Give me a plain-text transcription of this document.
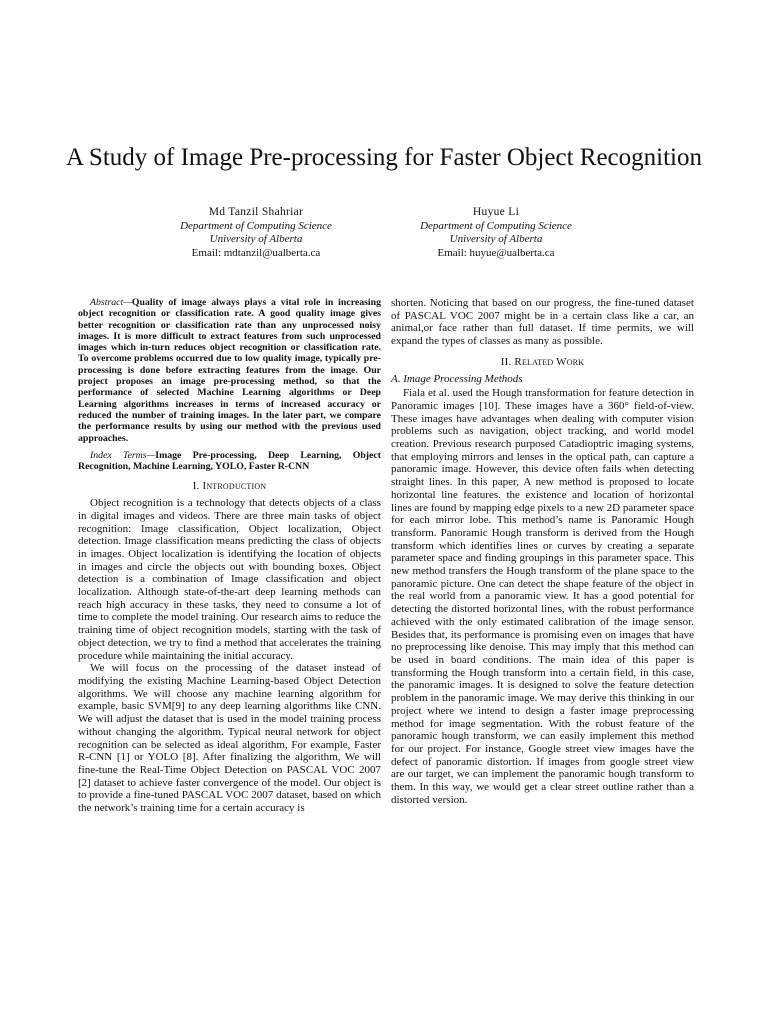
A Study of Image Pre-processing for Faster Object Recognition
Md Tanzil Shahriar
Department of Computing Science
University of Alberta
Email: mdtanzil@ualberta.ca
Huyue Li
Department of Computing Science
University of Alberta
Email: huyue@ualberta.ca

Abstract—Quality of image always plays a vital role in increasing object recognition or classification rate. A good quality image gives better recognition or classification rate than any unprocessed noisy images. It is more difficult to extract features from such unprocessed images which in-turn reduces object recognition or classification rate. To overcome problems occurred due to low quality image, typically pre-processing is done before extracting features from the image. Our project proposes an image pre-processing method, so that the performance of selected Machine Learning algorithms or Deep Learning algorithms increases in terms of increased accuracy or reduced the number of training images. In the later part, we compare the performance results by using our method with the previous used approaches.

Index Terms—Image Pre-processing, Deep Learning, Object Recognition, Machine Learning, YOLO, Faster R-CNN

I. Introduction

Object recognition is a technology that detects objects of a class in digital images and videos. There are three main tasks of object recognition: Image classification, Object localization, Object detection. Image classification means predicting the class of objects in images. Object localization is identifying the location of objects in images and circle the objects out with bounding boxes. Object detection is a combination of Image classification and object localization. Although state-of-the-art deep learning methods can reach high accuracy in these tasks, they need to consume a lot of time to complete the model training. Our research aims to reduce the training time of object recognition models, starting with the task of object detection, we try to find a method that accelerates the training procedure while maintaining the initial accuracy.

We will focus on the processing of the dataset instead of modifying the existing Machine Learning-based Object Detection algorithms. We will choose any machine learning algorithm for example, basic SVM[9] to any deep learning algorithms like CNN. We will adjust the dataset that is used in the model training process without changing the algorithm. Typical neural network for object recognition can be selected as ideal algorithm, For example, Faster R-CNN [1] or YOLO [8]. After finalizing the algorithm, We will fine-tune the Real-Time Object Detection on PASCAL VOC 2007 [2] dataset to achieve faster convergence of the model. Our object is to provide a fine-tuned PASCAL VOC 2007 dataset, based on which the network’s training time for a certain accuracy is

shorten. Noticing that based on our progress, the fine-tuned dataset of PASCAL VOC 2007 might be in a certain class like a car, an animal,or face rather than full dataset. If time permits, we will expand the types of classes as many as possible.

II. Related Work
A. Image Processing Methods

Fiala et al. used the Hough transformation for feature detection in Panoramic images [10]. These images have a 360° field-of-view. These images have advantages when dealing with computer vision problems such as navigation, object tracking, and world model creation. Previous research purposed Catadioptric imaging systems, that employing mirrors and lenses in the optical path, can capture a panoramic image. However, this device often fails when detecting straight lines. In this paper, A new method is proposed to locate horizontal line features. the existence and location of horizontal lines are found by mapping edge pixels to a new 2D parameter space for each mirror lobe. This method’s name is Panoramic Hough transform. Panoramic Hough transform is derived from the Hough transform which identifies lines or curves by creating a separate parameter space and finding groupings in this parameter space. This new method transfers the Hough transform of the plane space to the panoramic picture. One can detect the shape feature of the object in the real world from a panoramic view. It has a good potential for detecting the distorted horizontal lines, with the robust performance achieved with the only estimated calibration of the image sensor. Besides that, its performance is promising even on images that have no preprocessing like denoise. This may imply that this method can be used in board conditions. The main idea of this paper is transforming the Hough transform into a certain field, in this case, the panoramic images. It is designed to solve the feature detection problem in the panoramic image. We may derive this thinking in our project where we intend to design a faster image preprocessing method for image segmentation. With the robust feature of the panoramic hough transform, we can easily implement this method for our project. For instance, Google street view images have the defect of panoramic distortion. If images from google street view are our target, we can implement the panoramic hough transform to them. In this way, we would get a clear street outline rather than a distorted version.
